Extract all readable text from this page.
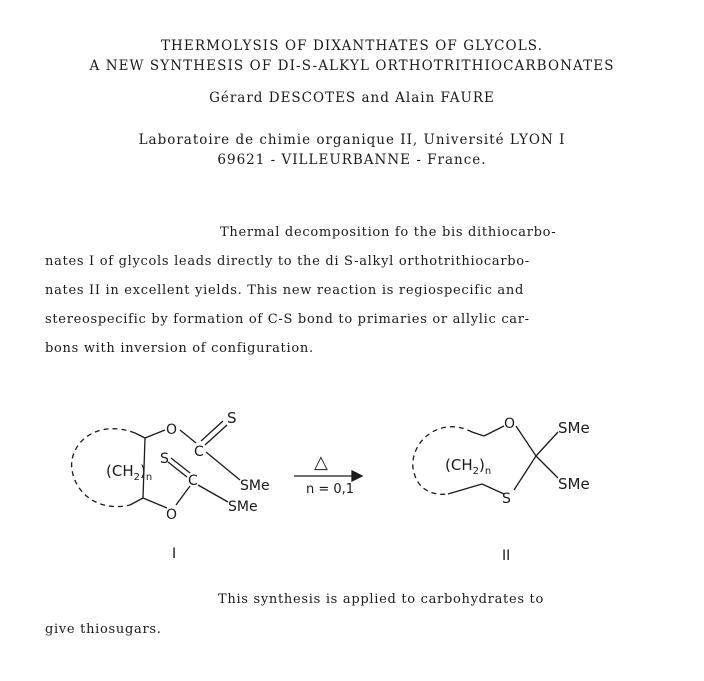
THERMOLYSIS OF DIXANTHATES OF GLYCOLS.
A NEW SYNTHESIS OF DI-S-ALKYL ORTHOTRITHIOCARBONATES
Gérard DESCOTES and Alain FAURE
Laboratoire de chimie organique II, Université LYON I
69621 - VILLEURBANNE - France.
Thermal decomposition fo the bis dithiocarbo-
nates I of glycols leads directly to the di S-alkyl orthotrithiocarbo-
nates II in excellent yields. This new reaction is regiospecific and
stereospecific by formation of C-S bond to primaries or allylic car-
bons with inversion of configuration.
O
C
S
S
C
O
SMe
SMe
$(CH_2)_n$
△
n = 0,1
O
S
SMe
SMe
$(CH_2)_n$
I	II
This synthesis is applied to carbohydrates to
give thiosugars.
